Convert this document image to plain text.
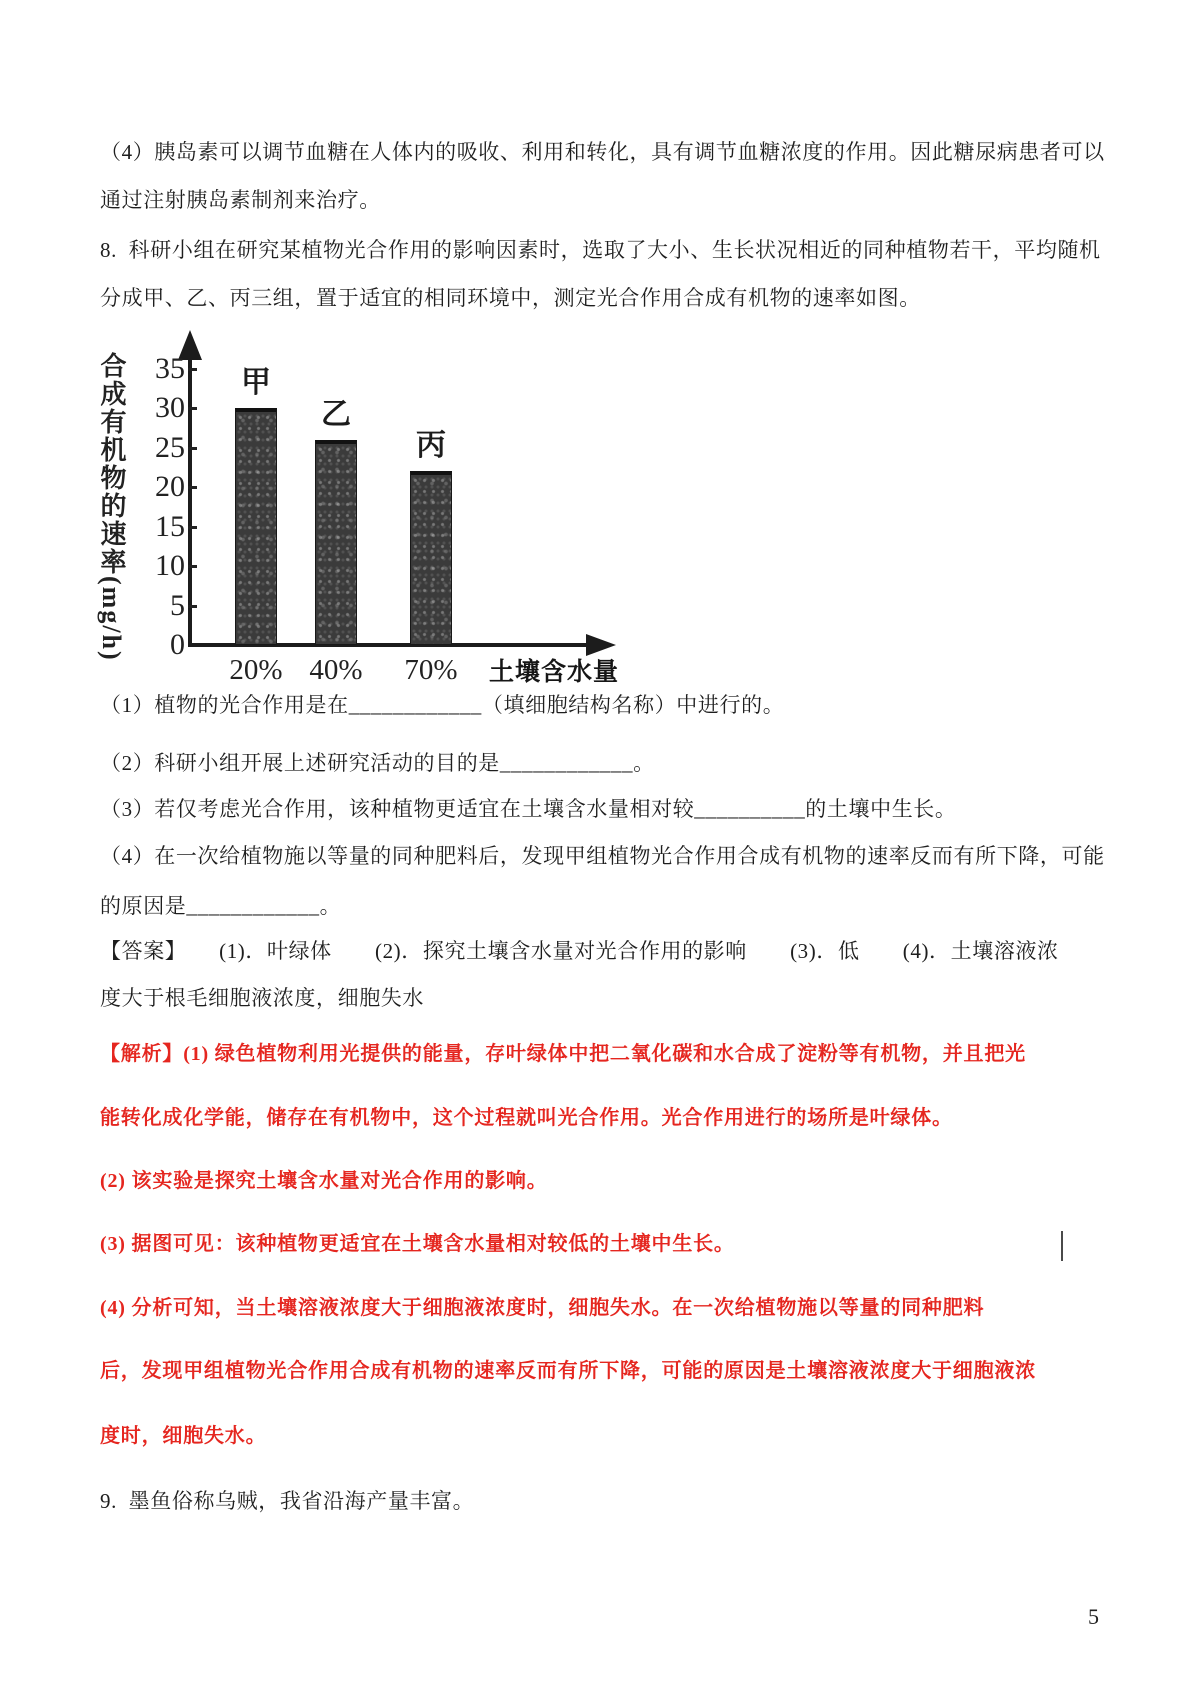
（4）胰岛素可以调节血糖在人体内的吸收、利用和转化，具有调节血糖浓度的作用。因此糖尿病患者可以
通过注射胰岛素制剂来治疗。
8.  科研小组在研究某植物光合作用的影响因素时，选取了大小、生长状况相近的同种植物若干，平均随机
分成甲、乙、丙三组，置于适宜的相同环境中，测定光合作用合成有机物的速率如图。
合成有机物的速率(mg/h)
土壤含水量
0
5
10
15
20
25
30
35 甲
20%
乙
40%
丙
70%
（1）植物的光合作用是在____________（填细胞结构名称）中进行的。
（2）科研小组开展上述研究活动的目的是____________。
（3）若仅考虑光合作用，该种植物更适宜在土壤含水量相对较__________的土壤中生长。
（4）在一次给植物施以等量的同种肥料后，发现甲组植物光合作用合成有机物的速率反而有所下降，可能
的原因是____________。
【答案】　　(1)．叶绿体　　(2)．探究土壤含水量对光合作用的影响　　(3)．低　　(4)．土壤溶液浓
度大于根毛细胞液浓度，细胞失水
【解析】(1) 绿色植物利用光提供的能量，存叶绿体中把二氧化碳和水合成了淀粉等有机物，并且把光
能转化成化学能，储存在有机物中，这个过程就叫光合作用。光合作用进行的场所是叶绿体。
(2) 该实验是探究土壤含水量对光合作用的影响。
(3) 据图可见：该种植物更适宜在土壤含水量相对较低的土壤中生长。
(4) 分析可知，当土壤溶液浓度大于细胞液浓度时，细胞失水。在一次给植物施以等量的同种肥料
后，发现甲组植物光合作用合成有机物的速率反而有所下降，可能的原因是土壤溶液浓度大于细胞液浓
度时，细胞失水。
9.  墨鱼俗称乌贼，我省沿海产量丰富。
5
